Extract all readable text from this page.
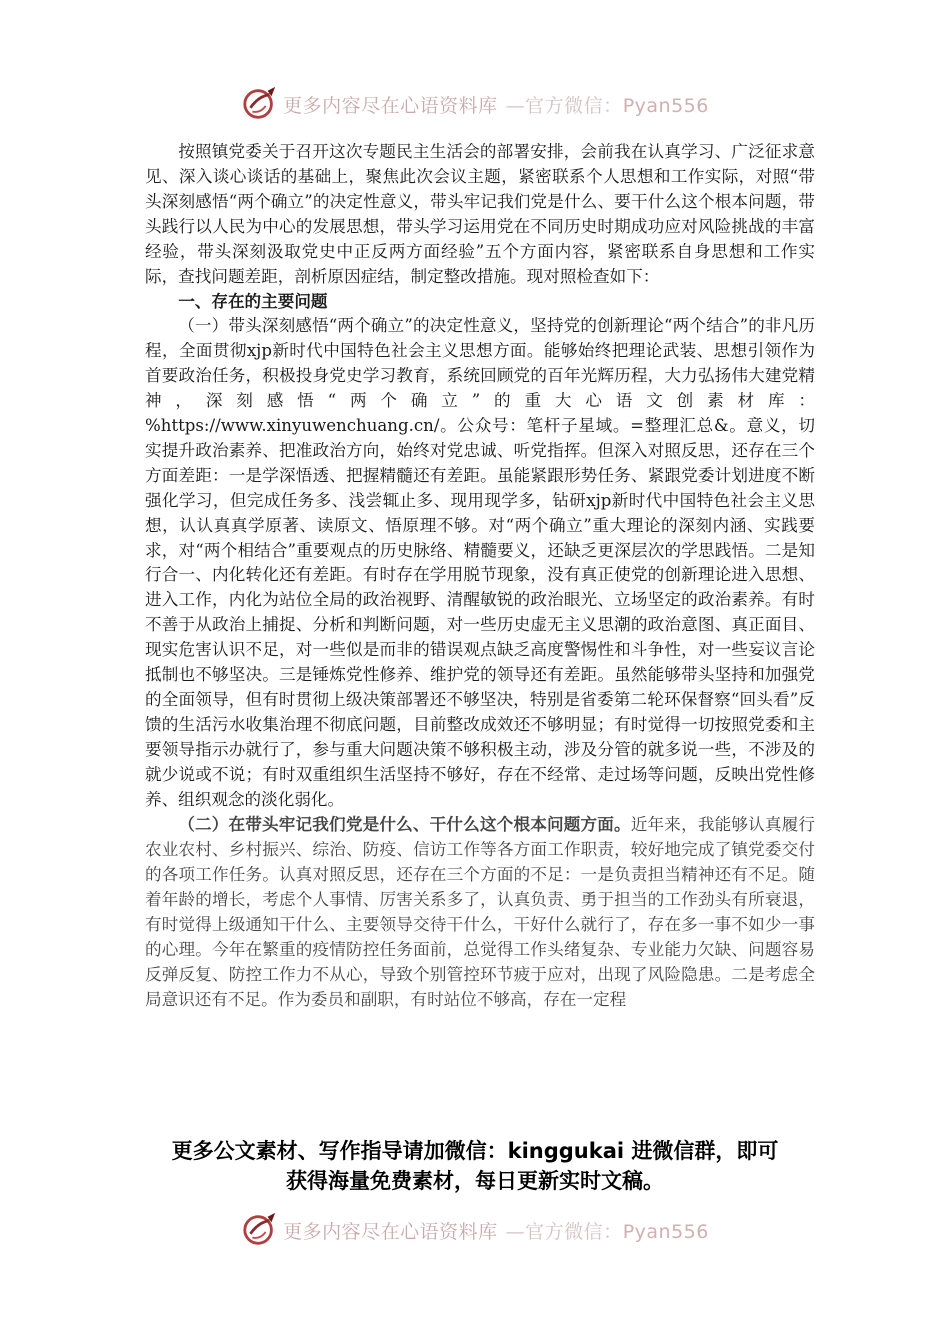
更多内容尽在心语资料库 —官方微信：Pyan556

按照镇党委关于召开这次专题民主生活会的部署安排，会前我在认真学习、广泛征求意见、深入谈心谈话的基础上，聚焦此次会议主题，紧密联系个人思想和工作实际，对照“带头深刻感悟“两个确立”的决定性意义，带头牢记我们党是什么、要干什么这个根本问题，带头践行以人民为中心的发展思想，带头学习运用党在不同历史时期成功应对风险挑战的丰富经验，带头深刻汲取党史中正反两方面经验”五个方面内容，紧密联系自身思想和工作实际，查找问题差距，剖析原因症结，制定整改措施。现对照检查如下：

一、存在的主要问题

（一）带头深刻感悟“两个确立”的决定性意义，坚持党的创新理论“两个结合”的非凡历程，全面贯彻xjp新时代中国特色社会主义思想方面。能够始终把理论武装、思想引领作为首要政治任务，积极投身党史学习教育，系统回顾党的百年光辉历程，大力弘扬伟大建党精神，深刻感悟“两个确立”的重大心语文创素材库：%https://www.xinyuwenchuang.cn/。公众号：笔杆子星域。=整理汇总&。意义，切实提升政治素养、把准政治方向，始终对党忠诚、听党指挥。但深入对照反思，还存在三个方面差距：一是学深悟透、把握精髓还有差距。虽能紧跟形势任务、紧跟党委计划进度不断强化学习，但完成任务多、浅尝辄止多、现用现学多，钻研xjp新时代中国特色社会主义思想，认认真真学原著、读原文、悟原理不够。对“两个确立”重大理论的深刻内涵、实践要求，对“两个相结合”重要观点的历史脉络、精髓要义，还缺乏更深层次的学思践悟。二是知行合一、内化转化还有差距。有时存在学用脱节现象，没有真正使党的创新理论进入思想、进入工作，内化为站位全局的政治视野、清醒敏锐的政治眼光、立场坚定的政治素养。有时不善于从政治上捕捉、分析和判断问题，对一些历史虚无主义思潮的政治意图、真正面目、现实危害认识不足，对一些似是而非的错误观点缺乏高度警惕性和斗争性，对一些妄议言论抵制也不够坚决。三是锤炼党性修养、维护党的领导还有差距。虽然能够带头坚持和加强党的全面领导，但有时贯彻上级决策部署还不够坚决，特别是省委第二轮环保督察“回头看”反馈的生活污水收集治理不彻底问题，目前整改成效还不够明显；有时觉得一切按照党委和主要领导指示办就行了，参与重大问题决策不够积极主动，涉及分管的就多说一些，不涉及的就少说或不说；有时双重组织生活坚持不够好，存在不经常、走过场等问题，反映出党性修养、组织观念的淡化弱化。

（二）在带头牢记我们党是什么、干什么这个根本问题方面。近年来，我能够认真履行农业农村、乡村振兴、综治、防疫、信访工作等各方面工作职责，较好地完成了镇党委交付的各项工作任务。认真对照反思，还存在三个方面的不足：一是负责担当精神还有不足。随着年龄的增长，考虑个人事情、厉害关系多了，认真负责、勇于担当的工作劲头有所衰退，有时觉得上级通知干什么、主要领导交待干什么，干好什么就行了，存在多一事不如少一事的心理。今年在繁重的疫情防控任务面前，总觉得工作头绪复杂、专业能力欠缺、问题容易反弹反复、防控工作力不从心，导致个别管控环节疲于应对，出现了风险隐患。二是考虑全局意识还有不足。作为委员和副职，有时站位不够高，存在一定程

更多公文素材、写作指导请加微信：kinggukai 进微信群，即可
获得海量免费素材，每日更新实时文稿。
更多内容尽在心语资料库 —官方微信：Pyan556
